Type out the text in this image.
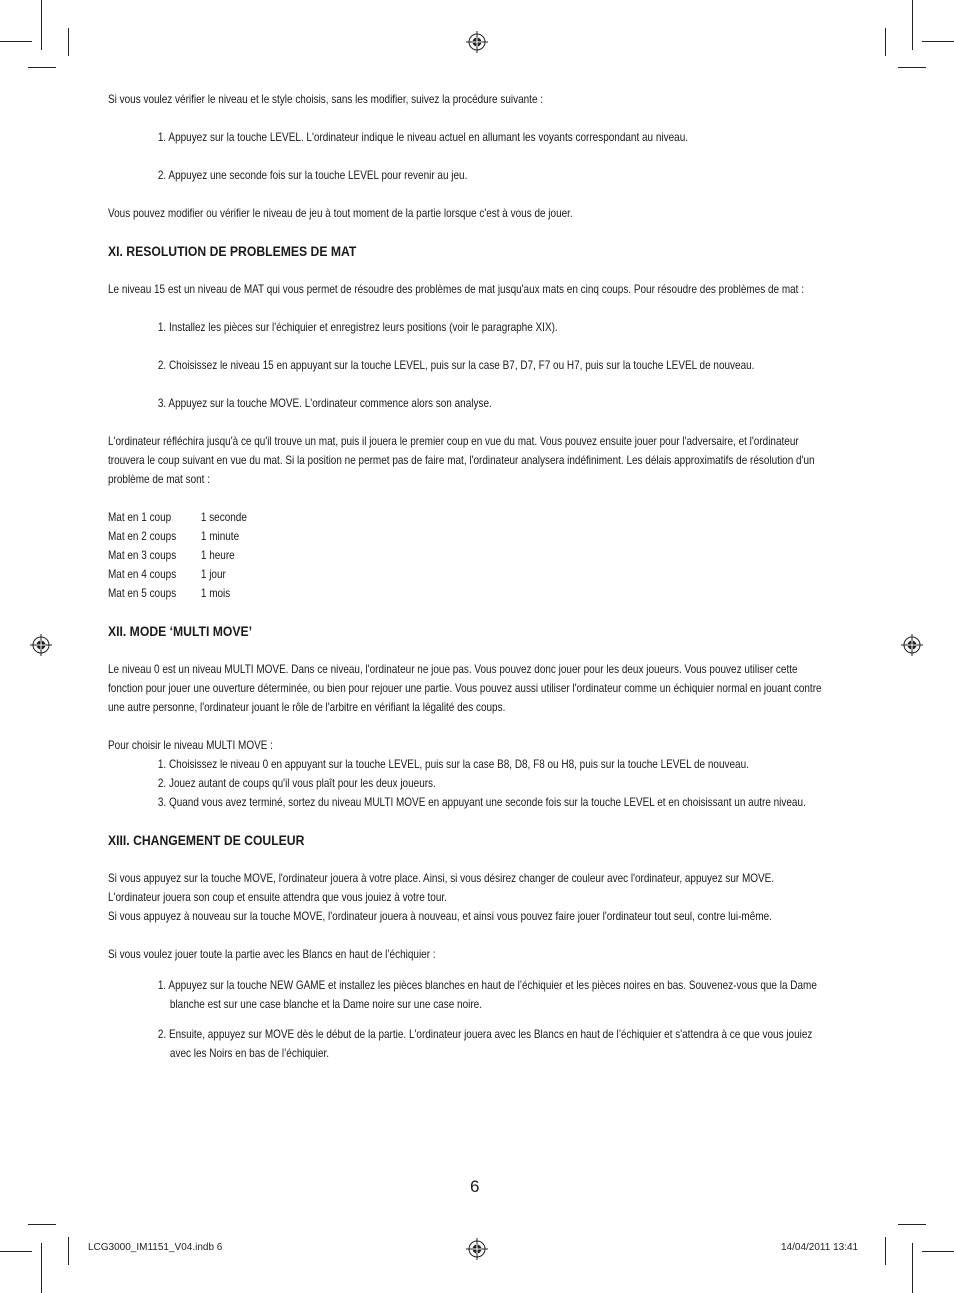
Si vous voulez vérifier le niveau et le style choisis, sans les modifier, suivez la procédure suivante :

1. Appuyez sur la touche LEVEL. L'ordinateur indique le niveau actuel en allumant les voyants correspondant au niveau.

2. Appuyez une seconde fois sur la touche LEVEL pour revenir au jeu.

Vous pouvez modifier ou vérifier le niveau de jeu à tout moment de la partie lorsque c'est à vous de jouer.

XI. RESOLUTION DE PROBLEMES DE MAT

Le niveau 15 est un niveau de MAT qui vous permet de résoudre des problèmes de mat jusqu'aux mats en cinq coups. Pour résoudre des problèmes de mat :

1. Installez les pièces sur l'échiquier et enregistrez leurs positions (voir le paragraphe XIX).

2. Choisissez le niveau 15 en appuyant sur la touche LEVEL, puis sur la case B7, D7, F7 ou H7, puis sur la touche LEVEL de nouveau.

3. Appuyez sur la touche MOVE. L'ordinateur commence alors son analyse.

L'ordinateur réfléchira jusqu'à ce qu'il trouve un mat, puis il jouera le premier coup en vue du mat. Vous pouvez ensuite jouer pour l'adversaire, et l'ordinateur trouvera le coup suivant en vue du mat. Si la position ne permet pas de faire mat, l'ordinateur analysera indéfiniment. Les délais approximatifs de résolution d'un problème de mat sont :

Mat en 1 coup	1 seconde
Mat en 2 coups	1 minute
Mat en 3 coups	1 heure
Mat en 4 coups	1 jour
Mat en 5 coups	1 mois
XII. MODE ‘MULTI MOVE’

Le niveau 0 est un niveau MULTI MOVE. Dans ce niveau, l'ordinateur ne joue pas. Vous pouvez donc jouer pour les deux joueurs. Vous pouvez utiliser cette fonction pour jouer une ouverture déterminée, ou bien pour rejouer une partie. Vous pouvez aussi utiliser l'ordinateur comme un échiquier normal en jouant contre une autre personne, l'ordinateur jouant le rôle de l'arbitre en vérifiant la légalité des coups.

Pour choisir le niveau MULTI MOVE :

1. Choisissez le niveau 0 en appuyant sur la touche LEVEL, puis sur la case B8, D8, F8 ou H8, puis sur la touche LEVEL de nouveau.

2. Jouez autant de coups qu'il vous plaît pour les deux joueurs.

3. Quand vous avez terminé, sortez du niveau MULTI MOVE en appuyant une seconde fois sur la touche LEVEL et en choisissant un autre niveau.

XIII. CHANGEMENT DE COULEUR

Si vous appuyez sur la touche MOVE, l'ordinateur jouera à votre place. Ainsi, si vous désirez changer de couleur avec l'ordinateur, appuyez sur MOVE. L'ordinateur jouera son coup et ensuite attendra que vous jouiez à votre tour.

Si vous appuyez à nouveau sur la touche MOVE, l'ordinateur jouera à nouveau, et ainsi vous pouvez faire jouer l'ordinateur tout seul, contre lui-même.

Si vous voulez jouer toute la partie avec les Blancs en haut de l’échiquier :

1. Appuyez sur la touche NEW GAME et installez les pièces blanches en haut de l’échiquier et les pièces noires en bas. Souvenez-vous que la Dame blanche est sur une case blanche et la Dame noire sur une case noire.

2. Ensuite, appuyez sur MOVE dès le début de la partie. L'ordinateur jouera avec les Blancs en haut de l’échiquier et s'attendra à ce que vous jouiez avec les Noirs en bas de l’échiquier.

6
LCG3000_IM1151_V04.indb 6	14/04/2011 13:41
